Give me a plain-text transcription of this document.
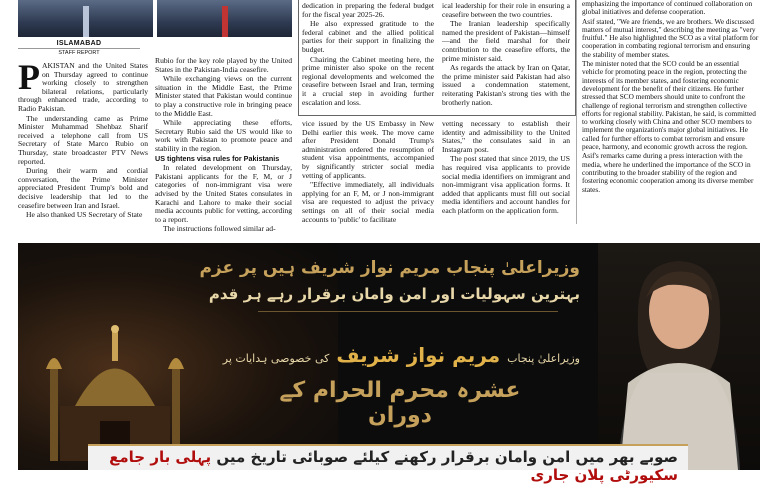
ISLAMABAD
STAFF REPORT

PAKISTAN and the United States on Thursday agreed to continue working closely to strengthen bilateral relations, particularly through enhanced trade, according to Radio Pakistan.

The understanding came as Prime Minister Muhammad Shehbaz Sharif received a telephone call from US Secretary of State Marco Rubio on Thursday, state broadcaster PTV News reported.

During their warm and cordial conversation, the Prime Minister appreciated President Trump's bold and decisive leadership that led to the ceasefire between Iran and Israel.

He also thanked US Secretary of State

Rubio for the key role played by the United States in the Pakistan-India ceasefire.

While exchanging views on the current situation in the Middle East, the Prime Minister stated that Pakistan would continue to play a constructive role in bringing peace to the Middle East.

While appreciating these efforts, Secretary Rubio said the US would like to work with Pakistan to promote peace and stability in the region.

US tightens visa rules for Pakistanis

In related development on Thursday, Pakistani applicants for the F, M, or J categories of non-immigrant visa were advised by the United States consulates in Karachi and Lahore to make their social media accounts public for vetting, according to a report.

The instructions followed similar ad-

dedication in preparing the federal budget for the fiscal year 2025-26.

He also expressed gratitude to the federal cabinet and the allied political parties for their support in finalizing the budget.

Chairing the Cabinet meeting here, the prime minister also spoke on the recent regional developments and welcomed the ceasefire between Israel and Iran, terming it a crucial step in avoiding further escalation and loss.

ical leadership for their role in ensuring a ceasefire between the two countries.

The Iranian leadership specifically named the president of Pakistan—himself—and the field marshal for their contribution to the ceasefire efforts, the prime minister said.

As regards the attack by Iran on Qatar, the prime minister said Pakistan had also issued a condemnation statement, reiterating Pakistan's strong ties with the brotherly nation.

vice issued by the US Embassy in New Delhi earlier this week. The move came after President Donald Trump's administration ordered the resumption of student visa appointments, accompanied by significantly stricter social media vetting of applicants.

"Effective immediately, all individuals applying for an F, M, or J non-immigrant visa are requested to adjust the privacy settings on all of their social media accounts to 'public' to facilitate

vetting necessary to establish their identity and admissibility to the United States," the consulates said in an Instagram post.

The post stated that since 2019, the US has required visa applicants to provide social media identifiers on immigrant and non-immigrant visa application forms. It added that applicants must fill out social media identifiers and account handles for each platform on the application form.

emphasizing the importance of continued collaboration on global initiatives and defense cooperation.

Asif stated, "We are friends, we are brothers. We discussed matters of mutual interest," describing the meeting as "very fruitful." He also highlighted the SCO as a vital platform for cooperation in combating regional terrorism and ensuring the stability of member states.

The minister noted that the SCO could be an essential vehicle for promoting peace in the region, protecting the interests of its member states, and fostering economic development for the benefit of their citizens. He further stressed that SCO members should unite to confront the challenge of regional terrorism and strengthen collective efforts for regional stability. Pakistan, he said, is committed to working closely with China and other SCO members to implement the organization's major global initiatives. He called for further efforts to combat terrorism and ensure peace, harmony, and economic growth across the region.

Asif's remarks came during a press interaction with the media, where he underlined the importance of the SCO in contributing to the broader stability of the region and fostering economic cooperation among its diverse member states.

وزیراعلیٰ پنجاب مریم نواز شریف ہیں پر عزم
بہترین سہولیات اور امن وامان برقرار رہے ہر قدم
وزیراعلیٰ پنجاب مریم نواز شریف کی خصوصی ہدایات پر
عشرہ محرم الحرام کے دوران
صوبے بھر میں امن وامان برقرار رکھنے کیلئے صوبائی تاریخ میں پہلی بار جامع سکیورٹی پلان جاری
